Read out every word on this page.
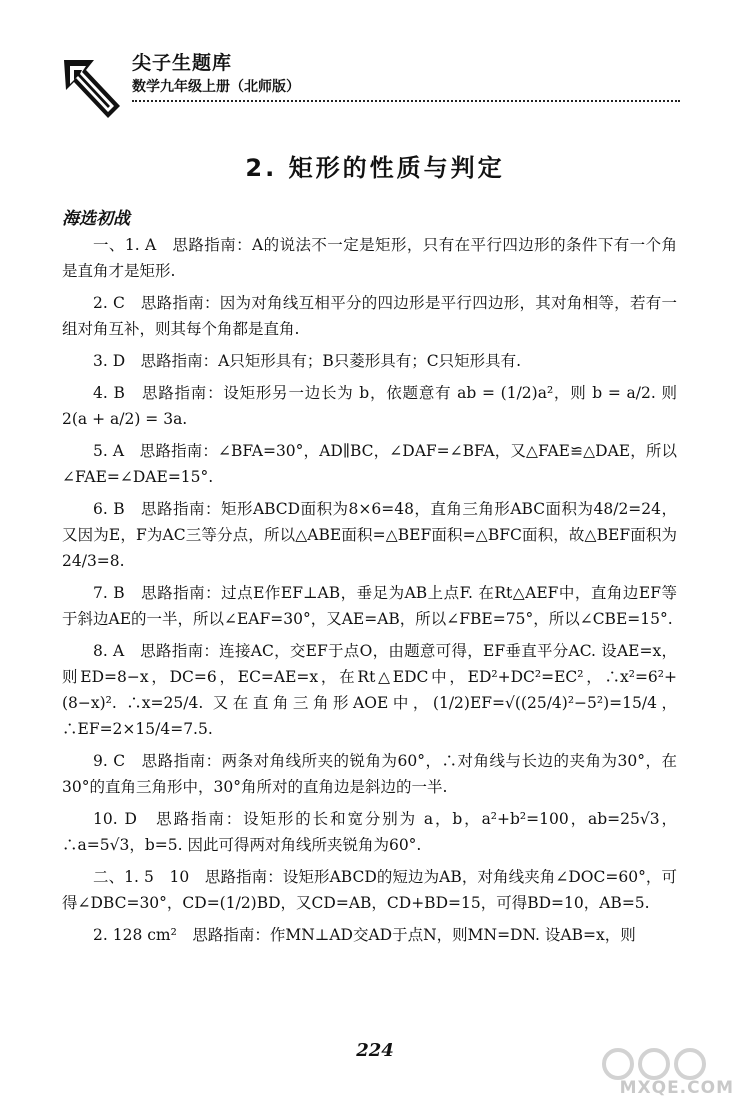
尖子生题库
数学九年级上册（北师版）
2. 矩形的性质与判定
海选初战

一、1. A　思路指南：A的说法不一定是矩形，只有在平行四边形的条件下有一个角是直角才是矩形.

2. C　思路指南：因为对角线互相平分的四边形是平行四边形，其对角相等，若有一组对角互补，则其每个角都是直角.

3. D　思路指南：A只矩形具有；B只菱形具有；C只矩形具有.

4. B　思路指南：设矩形另一边长为 b，依题意有 ab = (1/2)a²，则 b = a/2. 则 2(a + a/2) = 3a.

5. A　思路指南：∠BFA=30°，AD∥BC，∠DAF=∠BFA，又△FAE≌△DAE，所以∠FAE=∠DAE=15°.

6. B　思路指南：矩形ABCD面积为8×6=48，直角三角形ABC面积为48/2=24，又因为E，F为AC三等分点，所以△ABE面积=△BEF面积=△BFC面积，故△BEF面积为24/3=8.

7. B　思路指南：过点E作EF⊥AB，垂足为AB上点F. 在Rt△AEF中，直角边EF等于斜边AE的一半，所以∠EAF=30°，又AE=AB，所以∠FBE=75°，所以∠CBE=15°.

8. A　思路指南：连接AC，交EF于点O，由题意可得，EF垂直平分AC. 设AE=x，则ED=8−x，DC=6，EC=AE=x，在Rt△EDC中，ED²+DC²=EC²，∴x²=6²+(8−x)². ∴x=25/4. 又在直角三角形AOE中，(1/2)EF=√((25/4)²−5²)=15/4，∴EF=2×15/4=7.5.

9. C　思路指南：两条对角线所夹的锐角为60°，∴对角线与长边的夹角为30°，在30°的直角三角形中，30°角所对的直角边是斜边的一半.

10. D　思路指南：设矩形的长和宽分别为 a，b，a²+b²=100，ab=25√3，∴a=5√3，b=5. 因此可得两对角线所夹锐角为60°.

二、1. 5　10　思路指南：设矩形ABCD的短边为AB，对角线夹角∠DOC=60°，可得∠DBC=30°，CD=(1/2)BD，又CD=AB，CD+BD=15，可得BD=10，AB=5.

2. 128 cm²　思路指南：作MN⊥AD交AD于点N，则MN=DN. 设AB=x，则

224
MXQE.COM
